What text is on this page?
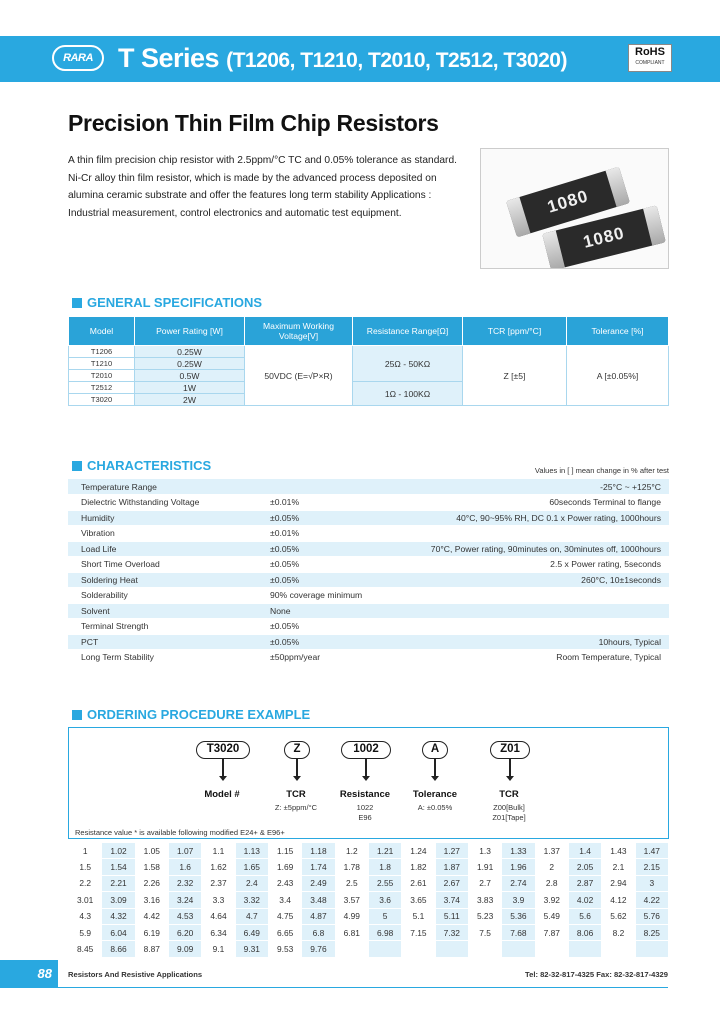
RARA T Series (T1206, T1210, T2010, T2512, T3020)	RoHS
COMPLIANT
Precision Thin Film Chip Resistors
A thin film precision chip resistor with 2.5ppm/°C TC and 0.05% tolerance as standard. Ni-Cr alloy thin film resistor, which is made by the advanced process deposited on alumina ceramic substrate and offer the features long term stability Applications : Industrial measurement, control electronics and automatic test equipment.	1080
1080
GENERAL SPECIFICATIONS
Model	Power Rating [W]	Maximum Working Voltage[V]	Resistance Range[Ω]	TCR [ppm/°C]	Tolerance [%]
T1206	0.25W	50VDC (E=√P×R)	25Ω - 50KΩ	Z [±5]	A [±0.05%]
T1210	0.25W				
T2010	0.5W				
T2512	1W		1Ω - 100KΩ		
T3020	2W				
CHARACTERISTICS	Values in [ ] mean change in % after test
Temperature Range		-25°C ~ +125°C
Dielectric Withstanding Voltage	±0.01%	60seconds Terminal to flange
Humidity	±0.05%	40°C, 90~95% RH, DC 0.1 x Power rating, 1000hours
Vibration	±0.01%	
Load Life	±0.05%	70°C, Power rating, 90minutes on, 30minutes off, 1000hours
Short Time Overload	±0.05%	2.5 x Power rating, 5seconds
Soldering Heat	±0.05%	260°C, 10±1seconds
Solderability	90% coverage minimum	
Solvent	None	
Terminal Strength	±0.05%	
PCT	±0.05%	10hours, Typical
Long Term Stability	±50ppm/year	Room Temperature, Typical
ORDERING PROCEDURE EXAMPLE
T3020	Z	1002	A	Z01
Model #	TCR	Resistance Tolerance	TCR
Z: ±5ppm/°C	1022
E96
A: ±0.05%	Z00[Bulk]
Z01[Tape]
Resistance value * is available following modified E24+ & E96+
1	1.02	1.05	1.07	1.1	1.13	1.15	1.18	1.2	1.21	1.24	1.27	1.3	1.33	1.37	1.4	1.43	1.47
1.5	1.54	1.58	1.6	1.62	1.65	1.69	1.74	1.78	1.8	1.82	1.87	1.91	1.96	2	2.05	2.1	2.15
2.2	2.21	2.26	2.32	2.37	2.4	2.43	2.49	2.5	2.55	2.61	2.67	2.7	2.74	2.8	2.87	2.94	3
3.01	3.09	3.16	3.24	3.3	3.32	3.4	3.48	3.57	3.6	3.65	3.74	3.83	3.9	3.92	4.02	4.12	4.22
4.3	4.32	4.42	4.53	4.64	4.7	4.75	4.87	4.99	5	5.1	5.11	5.23	5.36	5.49	5.6	5.62	5.76
5.9	6.04	6.19	6.20	6.34	6.49	6.65	6.8	6.81	6.98	7.15	7.32	7.5	7.68	7.87	8.06	8.2	8.25
8.45	8.66	8.87	9.09	9.1	9.31	9.53	9.76										
88	Resistors And Resistive Applications	Tel: 82-32-817-4325 Fax: 82-32-817-4329
